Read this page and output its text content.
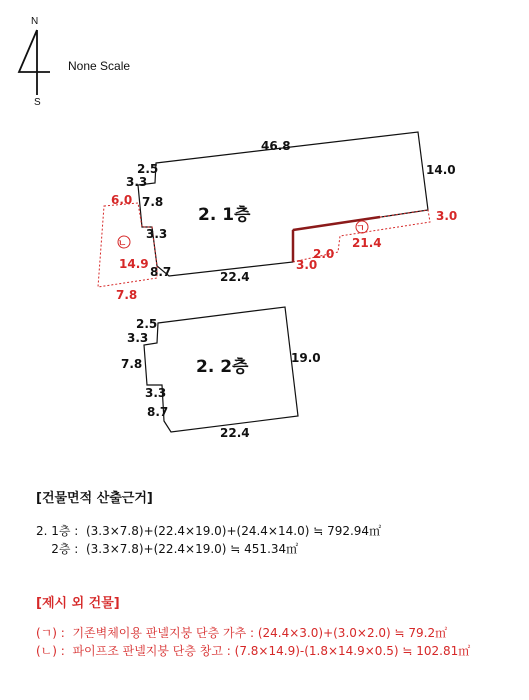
N
S
None Scale
2. 1층
46.8
14.0
2.5
3.3
7.8
3.3
8.7	22.4
ㄱ
21.4
3.0
2.0
3.0
ㄴ
6.0
14.9
7.8
2. 2층
2.5
3.3
7.8
3.3
8.7
19.0
22.4
[건물면적 산출근거]
2. 1층 :  (3.3×7.8)+(22.4×19.0)+(24.4×14.0) ≒ 792.94㎡
2층 :  (3.3×7.8)+(22.4×19.0) ≒ 451.34㎡
[제시 외 건물]
(ㄱ) :  기존벽체이용 판넬지붕 단층 가추 : (24.4×3.0)+(3.0×2.0) ≒ 79.2㎡
(ㄴ) :  파이프조 판넬지붕 단층 창고 : (7.8×14.9)-(1.8×14.9×0.5) ≒ 102.81㎡
